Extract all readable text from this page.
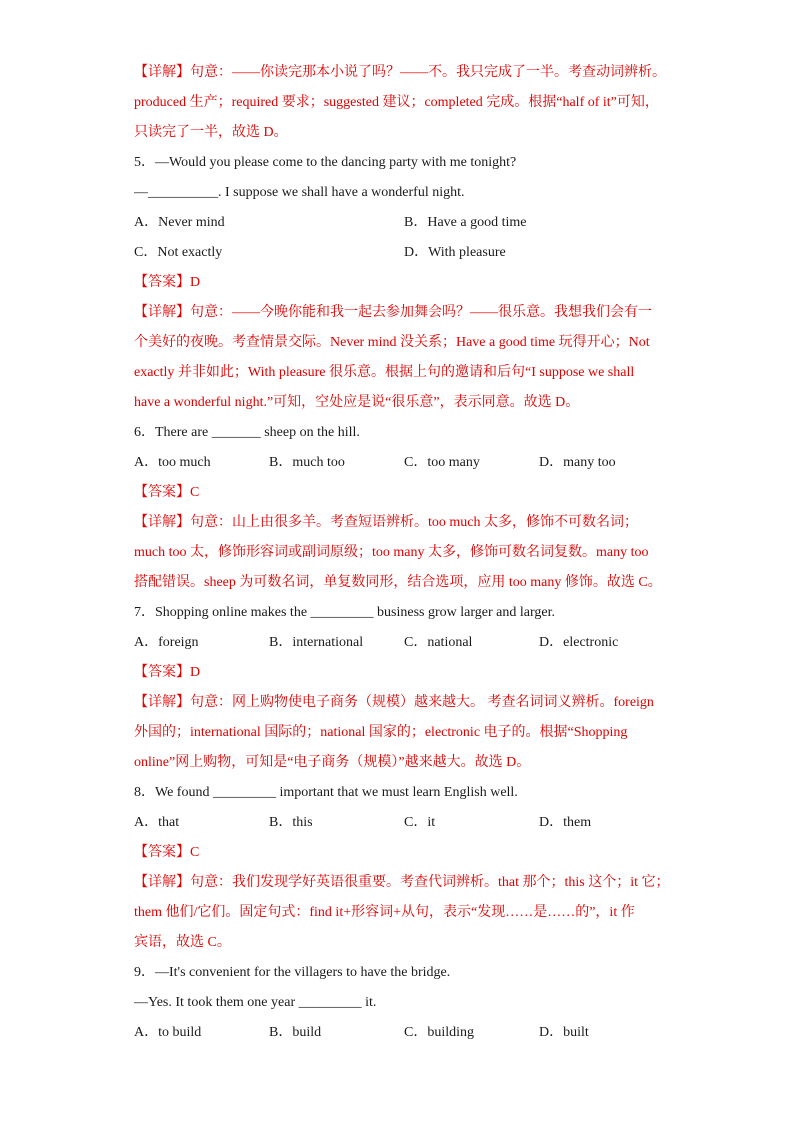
【详解】句意：——你读完那本小说了吗？——不。我只完成了一半。考查动词辨析。
produced 生产；required 要求；suggested 建议；completed 完成。根据“half of it”可知，
只读完了一半，故选 D。
5．—Would you please come to the dancing party with me tonight?
—__________. I suppose we shall have a wonderful night.
A．Never mind	B．Have a good time
C．Not exactly	D．With pleasure
【答案】D
【详解】句意：——今晚你能和我一起去参加舞会吗？——很乐意。我想我们会有一
个美好的夜晚。考查情景交际。Never mind 没关系；Have a good time 玩得开心；Not
exactly 并非如此；With pleasure 很乐意。根据上句的邀请和后句“I suppose we shall
have a wonderful night.”可知，空处应是说“很乐意”，表示同意。故选 D。
6．There are _______ sheep on the hill.
A．too much	B．much too	C．too many	D．many too
【答案】C
【详解】句意：山上由很多羊。考查短语辨析。too much 太多，修饰不可数名词；
much too 太，修饰形容词或副词原级；too many 太多，修饰可数名词复数。many too
搭配错误。sheep 为可数名词，单复数同形，结合选项，应用 too many 修饰。故选 C。
7．Shopping online makes the _________ business grow larger and larger.
A．foreign	B．international	C．national	D．electronic
【答案】D
【详解】句意：网上购物使电子商务（规模）越来越大。 考查名词词义辨析。foreign
外国的；international 国际的；national 国家的；electronic 电子的。根据“Shopping
online”网上购物，可知是“电子商务（规模）”越来越大。故选 D。
8．We found _________ important that we must learn English well.
A．that	B．this	C．it	D．them
【答案】C
【详解】句意：我们发现学好英语很重要。考查代词辨析。that 那个；this 这个；it 它；
them 他们/它们。固定句式：find it+形容词+从句，表示“发现……是……的”，it 作
宾语，故选 C。
9．—It's convenient for the villagers to have the bridge.
—Yes. It took them one year _________ it.
A．to build	B．build	C．building	D．built
